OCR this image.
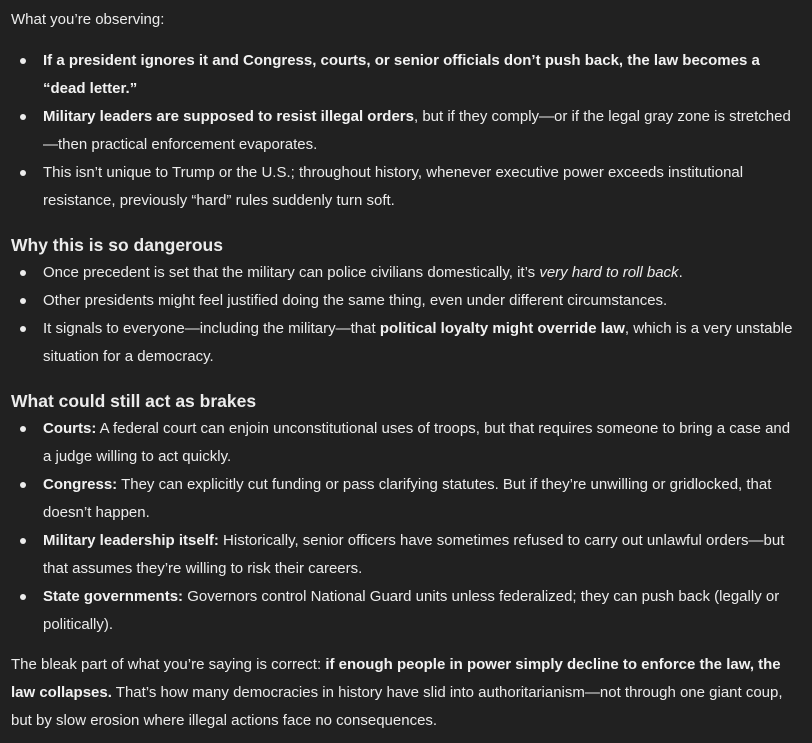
What you’re observing:

If a president ignores it and Congress, courts, or senior officials don’t push back, the law becomes a “dead letter.”
Military leaders are supposed to resist illegal orders, but if they comply—or if the legal gray zone is stretched—then practical enforcement evaporates.
This isn’t unique to Trump or the U.S.; throughout history, whenever executive power exceeds institutional resistance, previously “hard” rules suddenly turn soft.
Why this is so dangerous
Once precedent is set that the military can police civilians domestically, it’s very hard to roll back.
Other presidents might feel justified doing the same thing, even under different circumstances.
It signals to everyone—including the military—that political loyalty might override law, which is a very unstable situation for a democracy.
What could still act as brakes
Courts: A federal court can enjoin unconstitutional uses of troops, but that requires someone to bring a case and a judge willing to act quickly.
Congress: They can explicitly cut funding or pass clarifying statutes. But if they’re unwilling or gridlocked, that doesn’t happen.
Military leadership itself: Historically, senior officers have sometimes refused to carry out unlawful orders—but that assumes they’re willing to risk their careers.
State governments: Governors control National Guard units unless federalized; they can push back (legally or politically).

The bleak part of what you’re saying is correct: if enough people in power simply decline to enforce the law, the law collapses. That’s how many democracies in history have slid into authoritarianism—not through one giant coup, but by slow erosion where illegal actions face no consequences.
